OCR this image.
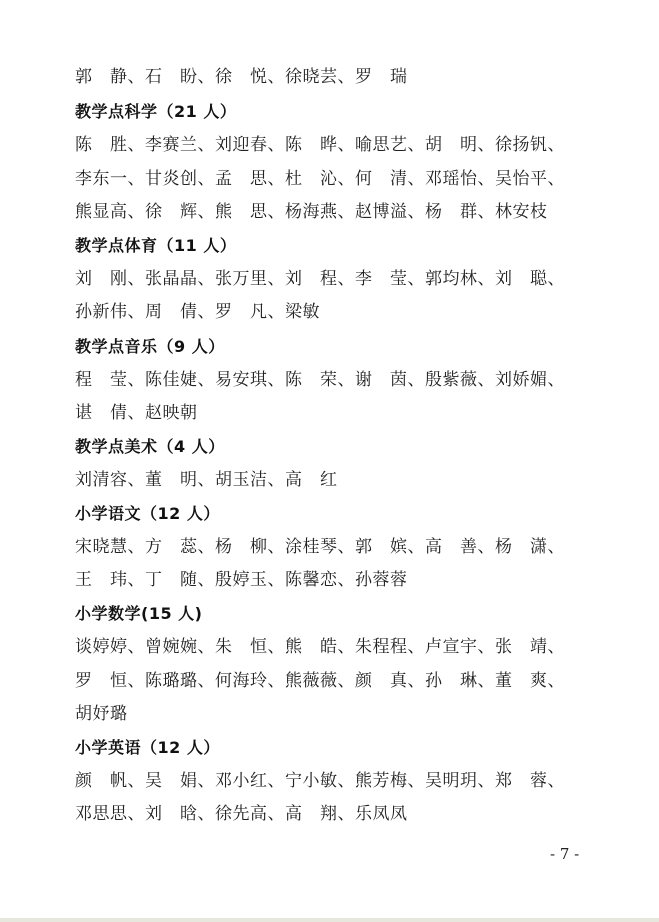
郭　静、石　盼、徐　悦、徐晓芸、罗　瑞
教学点科学（21 人）
陈　胜、李赛兰、刘迎春、陈　晔、喻思艺、胡　明、徐扬钒、
李东一、甘炎创、孟　思、杜　沁、何　清、邓瑶怡、吴怡平、
熊显高、徐　辉、熊　思、杨海燕、赵博溢、杨　群、林安枝
教学点体育（11 人）
刘　刚、张晶晶、张万里、刘　程、李　莹、郭均林、刘　聪、
孙新伟、周　倩、罗　凡、梁敏
教学点音乐（9 人）
程　莹、陈佳婕、易安琪、陈　荣、谢　茵、殷紫薇、刘娇媚、
谌　倩、赵映朝
教学点美术（4 人）
刘清容、董　明、胡玉洁、高　红
小学语文（12 人）
宋晓慧、方　蕊、杨　柳、涂桂琴、郭　嫔、高　善、杨　潇、
王　玮、丁　随、殷婷玉、陈馨恋、孙蓉蓉
小学数学(15 人)
谈婷婷、曾婉婉、朱　恒、熊　皓、朱程程、卢宣宇、张　靖、
罗　恒、陈璐璐、何海玲、熊薇薇、颜　真、孙　琳、董　爽、
胡妤璐
小学英语（12 人）
颜　帆、吴　娟、邓小红、宁小敏、熊芳梅、吴明玥、郑　蓉、
邓思思、刘　晗、徐先高、高　翔、乐凤凤
- 7 -
